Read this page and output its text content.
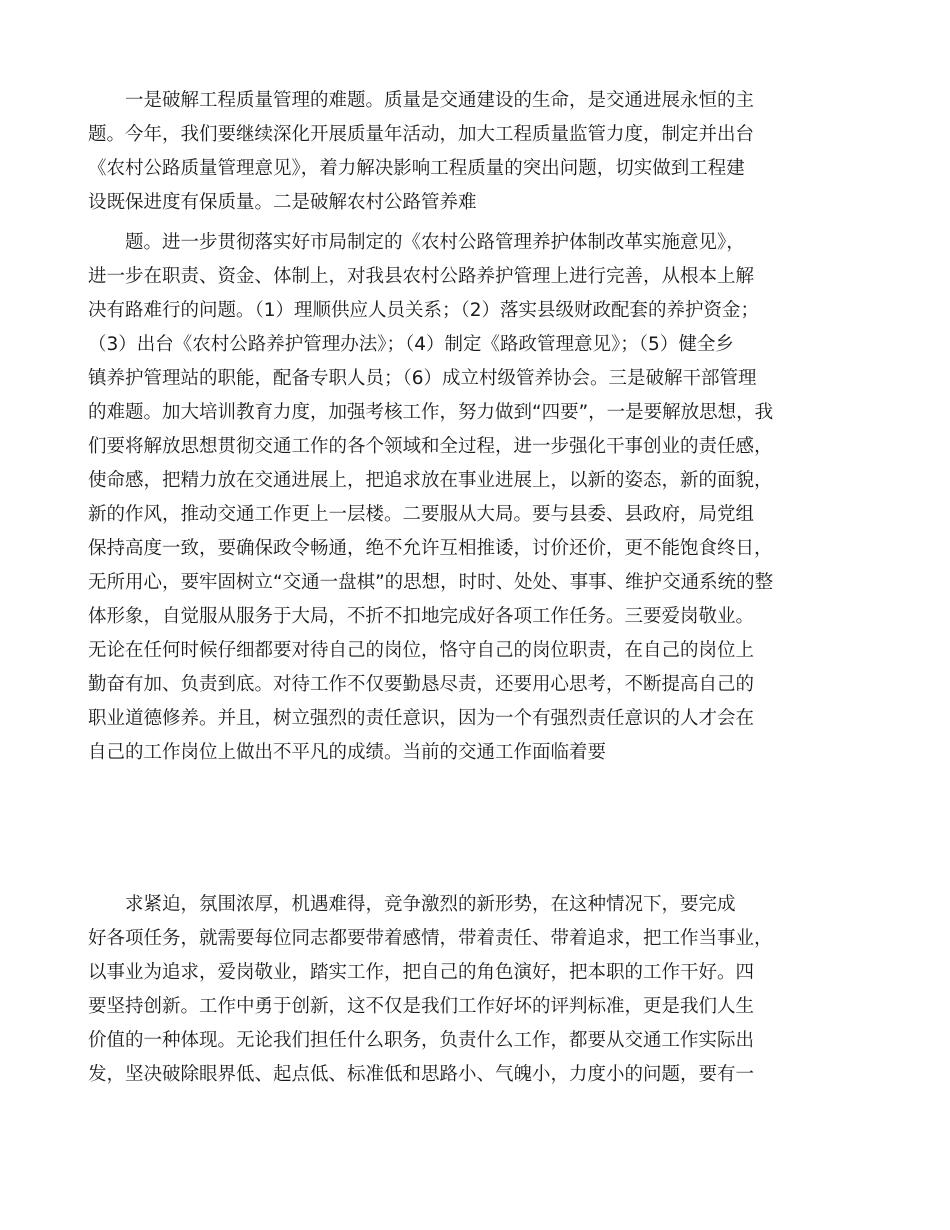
　　一是破解工程质量管理的难题。质量是交通建设的生命，是交通进展永恒的主
题。今年，我们要继续深化开展质量年活动，加大工程质量监管力度，制定并出台
《农村公路质量管理意见》，着力解决影响工程质量的突出问题，切实做到工程建
设既保进度有保质量。二是破解农村公路管养难
　　题。进一步贯彻落实好市局制定的《农村公路管理养护体制改革实施意见》，
进一步在职责、资金、体制上，对我县农村公路养护管理上进行完善，从根本上解
决有路难行的问题。（1）理顺供应人员关系；（2）落实县级财政配套的养护资金；
（3）出台《农村公路养护管理办法》；（4）制定《路政管理意见》；（5）健全乡
镇养护管理站的职能，配备专职人员；（6）成立村级管养协会。三是破解干部管理
的难题。加大培训教育力度，加强考核工作，努力做到“四要”，一是要解放思想，我
们要将解放思想贯彻交通工作的各个领域和全过程，进一步强化干事创业的责任感，
使命感，把精力放在交通进展上，把追求放在事业进展上，以新的姿态，新的面貌，
新的作风，推动交通工作更上一层楼。二要服从大局。要与县委、县政府，局党组
保持高度一致，要确保政令畅通，绝不允许互相推诿，讨价还价，更不能饱食终日，
无所用心，要牢固树立“交通一盘棋”的思想，时时、处处、事事、维护交通系统的整
体形象，自觉服从服务于大局，不折不扣地完成好各项工作任务。三要爱岗敬业。
无论在任何时候仔细都要对待自己的岗位，恪守自己的岗位职责，在自己的岗位上
勤奋有加、负责到底。对待工作不仅要勤恳尽责，还要用心思考，不断提高自己的
职业道德修养。并且，树立强烈的责任意识，因为一个有强烈责任意识的人才会在
自己的工作岗位上做出不平凡的成绩。当前的交通工作面临着要
　　求紧迫，氛围浓厚，机遇难得，竞争激烈的新形势，在这种情况下，要完成
好各项任务，就需要每位同志都要带着感情，带着责任、带着追求，把工作当事业，
以事业为追求，爱岗敬业，踏实工作，把自己的角色演好，把本职的工作干好。四
要坚持创新。工作中勇于创新，这不仅是我们工作好坏的评判标准，更是我们人生
价值的一种体现。无论我们担任什么职务，负责什么工作，都要从交通工作实际出
发，坚决破除眼界低、起点低、标准低和思路小、气魄小，力度小的问题，要有一
